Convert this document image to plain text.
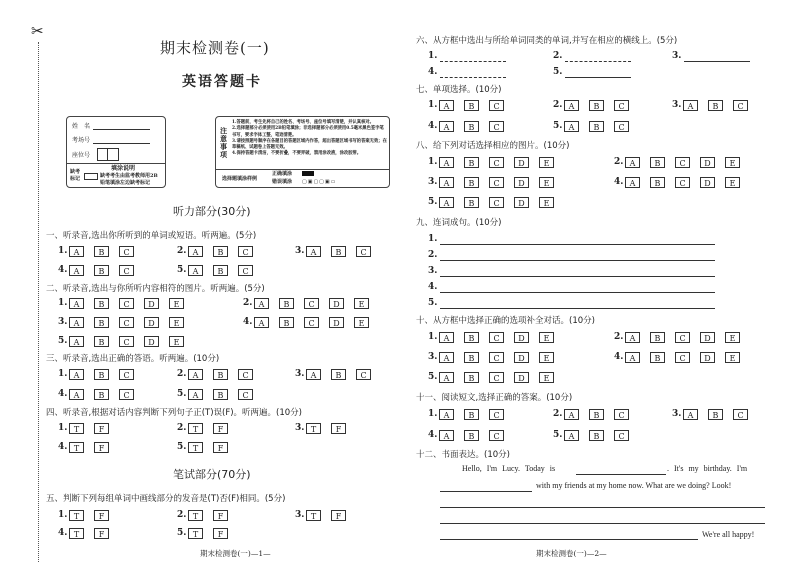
✂
期末检测卷(一)
英语答题卡
姓　名
考场号
座位号
缺考标记
填涂说明
缺考考生由监考教师用2B铅笔填涂左边缺考标记
注意事项
1.答题前，考生先将自己的姓名、考场号、座位号填写清楚，并认真核对。
2.选择题部分必须使用2B铅笔填涂；非选择题部分必须使用0.5毫米黑色签字笔书写，要求字体工整，笔迹清楚。
3.请按照题号顺序在各题目的答题区域内作答，超出答题区域书写的答案无效；在草稿纸、试题卷上答题无效。
4.保持答题卡清洁，不要折叠，不要弄破，禁用涂改液，涂改胶带。
选择题填涂样例
正确填涂
错误填涂 ▢▣▢▢▣▭
听力部分(30分)
笔试部分(70分)
一、听录音,选出你所听到的单词或短语。听两遍。(5分)
1. A	B	C	2. A	B	C	3. A	B	C
4. A	B	C	5. A	B	C
二、听录音,选出与你所听内容相符的图片。听两遍。(5分)
1. A	B	C	D	E	2. A	B	C	D	E
3. A	B	C	D	E	4. A	B	C	D	E
5. A	B	C	D	E
三、听录音,选出正确的答语。听两遍。(10分)
1. A	B	C	2. A	B	C	3. A	B	C
4. A	B	C	5. A	B	C
四、听录音,根据对话内容判断下列句子正(T)误(F)。听两遍。(10分)
1. T	F	2. T	F	3. T	F
4. T	F	5. T	F
五、判断下列每组单词中画线部分的发音是(T)否(F)相同。(5分)
1. T	F	2. T	F	3. T	F
4. T	F	5. T	F
六、从方框中选出与所给单词同类的单词,并写在相应的横线上。(5分)
1.	2.	3.
4.	5.
七、单项选择。(10分)
1. A	B	C	2. A	B	C	3. A	B	C
4. A	B	C	5. A	B	C
八、给下列对话选择相应的图片。(10分)
1. A	B	C	D	E	2. A	B	C	D	E
3. A	B	C	D	E	4. A	B	C	D	E
5. A	B	C	D	E
九、连词成句。(10分)
1.
2.
3.
4.
5.
十、从方框中选择正确的选项补全对话。(10分)
1. A	B	C	D	E	2. A	B	C	D	E
3. A	B	C	D	E	4. A	B	C	D	E
5. A	B	C	D	E
十一、阅读短文,选择正确的答案。(10分)
1. A	B	C	2. A	B	C	3. A	B	C
4. A	B	C	5. A	B	C
十二、书面表达。(10分)
Hello, I'm Lucy. Today is	. It's my birthday. I'm
with my friends at my home now. What are we doing? Look!
We're all happy!
期末检测卷(一)—1—	期末检测卷(一)—2—
